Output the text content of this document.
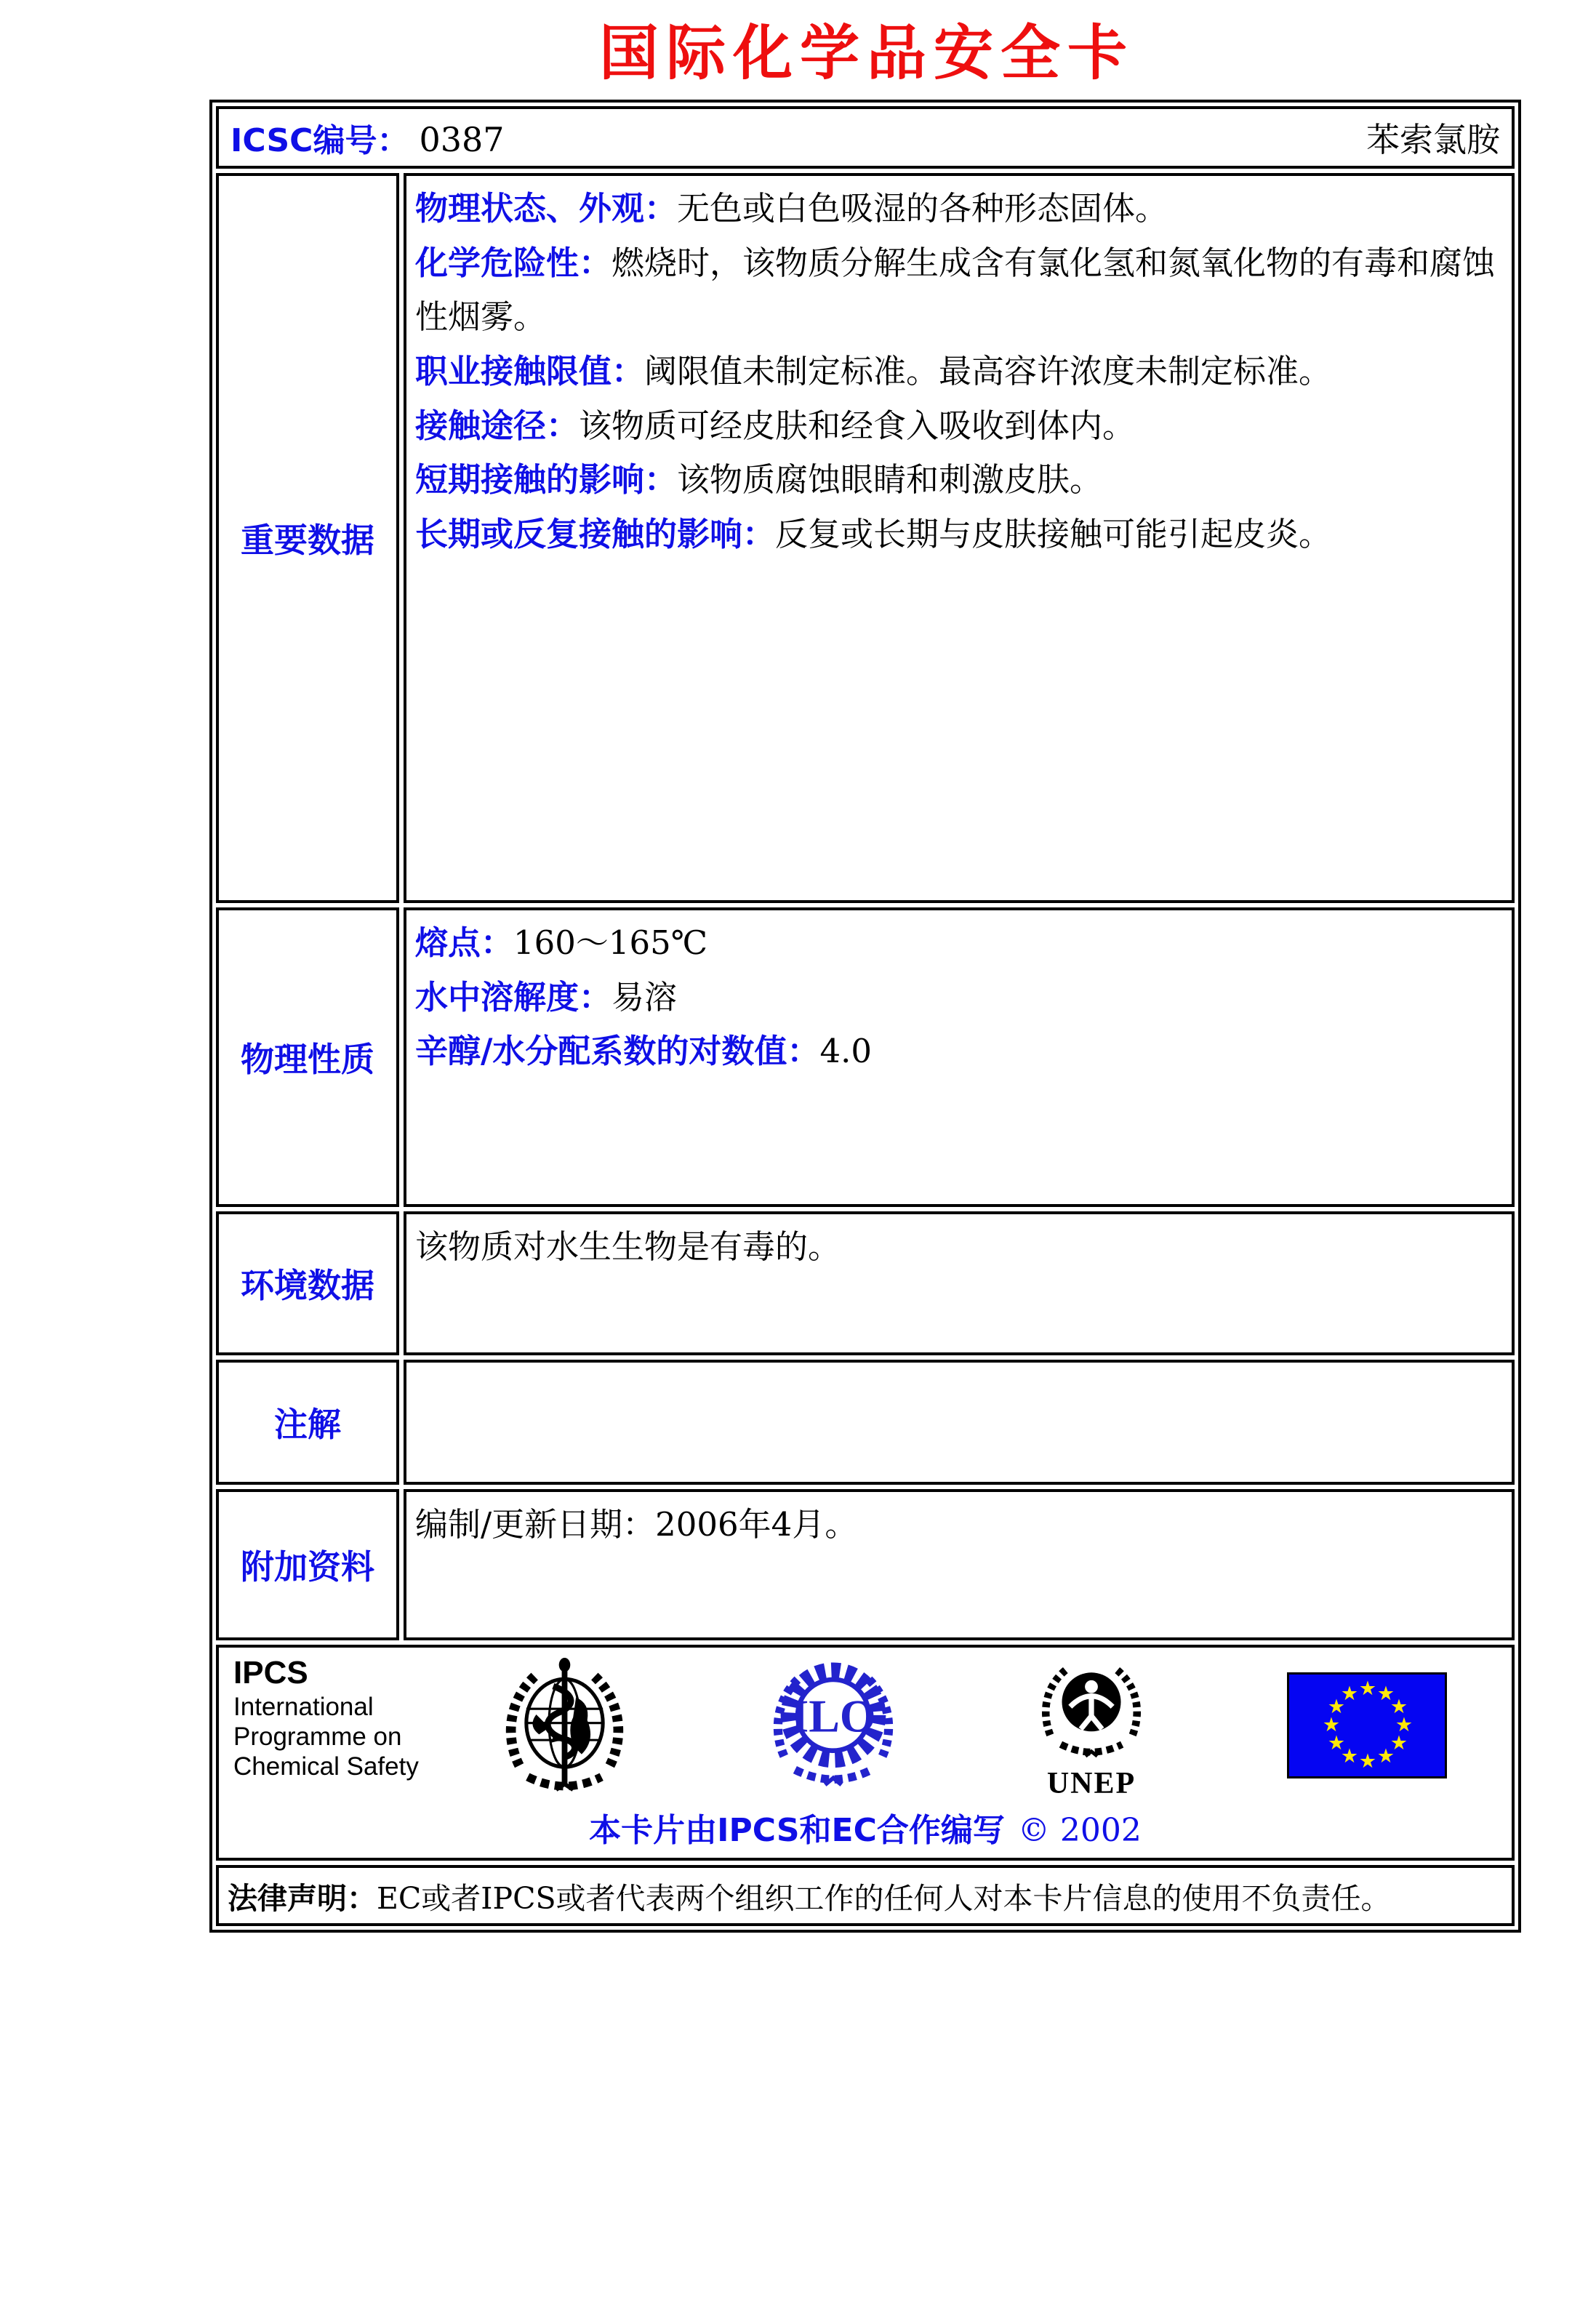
国际化学品安全卡
ICSC编号： 0387	苯索氯胺
重要数据
物理状态、外观：无色或白色吸湿的各种形态固体。
化学危险性：燃烧时，该物质分解生成含有氯化氢和氮氧化物的有毒和腐蚀性烟雾。
职业接触限值：阈限值未制定标准。最高容许浓度未制定标准。
接触途径：该物质可经皮肤和经食入吸收到体内。
短期接触的影响：该物质腐蚀眼睛和刺激皮肤。
长期或反复接触的影响：反复或长期与皮肤接触可能引起皮炎。
物理性质
熔点：160～165℃
水中溶解度：易溶
辛醇/水分配系数的对数值：4.0
环境数据
该物质对水生生物是有毒的。
注解
附加资料
编制/更新日期：2006年4月。
IPCS
International
Programme on
Chemical Safety
ILO
UNEP
★ ★
★
★
★
★
★
★
★
★
★
★
本卡片由IPCS和EC合作编写 © 2002
法律声明： EC或者IPCS或者代表两个组织工作的任何人对本卡片信息的使用不负责任。
